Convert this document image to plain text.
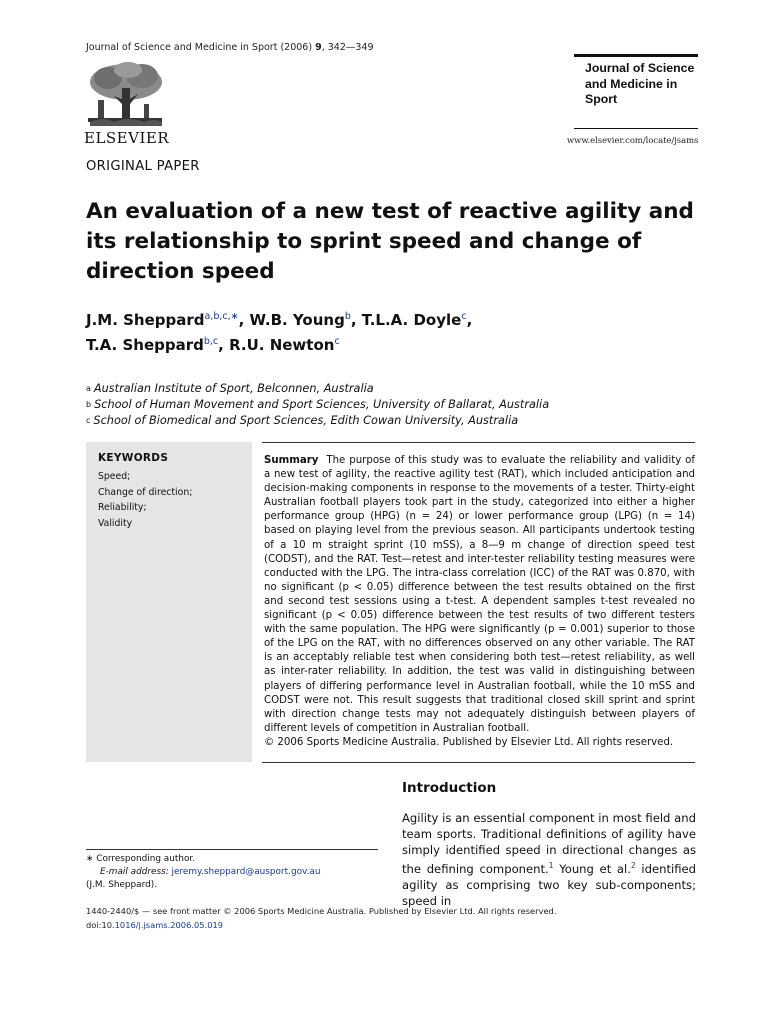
Journal of Science and Medicine in Sport (2006) 9, 342—349
ELSEVIER
Journal of Science and Medicine in Sport
www.elsevier.com/locate/jsams
ORIGINAL PAPER
An evaluation of a new test of reactive agility and its relationship to sprint speed and change of direction speed
J.M. Sheppard$^{a,b,c,∗}$, W.B. Young$^b$, T.L.A. Doyle$^c$,
T.A. Sheppard$^{b,c}$, R.U. Newton$^c$
$^a$ Australian Institute of Sport, Belconnen, Australia
$^b$ School of Human Movement and Sport Sciences, University of Ballarat, Australia
$^c$ School of Biomedical and Sport Sciences, Edith Cowan University, Australia
KEYWORDS
Speed;
Change of direction;
Reliability;
Validity
Summary The purpose of this study was to evaluate the reliability and validity of a new test of agility, the reactive agility test (RAT), which included anticipation and decision-making components in response to the movements of a tester. Thirty-eight Australian football players took part in the study, categorized into either a higher performance group (HPG) (n = 24) or lower performance group (LPG) (n = 14) based on playing level from the previous season. All participants undertook testing of a 10 m straight sprint (10 mSS), a 8—9 m change of direction speed test (CODST), and the RAT. Test—retest and inter-tester reliability testing measures were conducted with the LPG. The intra-class correlation (ICC) of the RAT was 0.870, with no significant (p < 0.05) difference between the test results obtained on the first and second test sessions using a t-test. A dependent samples t-test revealed no significant (p < 0.05) difference between the test results of two different testers with the same population. The HPG were significantly (p = 0.001) superior to those of the LPG on the RAT, with no differences observed on any other variable. The RAT is an acceptably reliable test when considering both test—retest reliability, as well as inter-rater reliability. In addition, the test was valid in distinguishing between players of differing performance level in Australian football, while the 10 mSS and CODST were not. This result suggests that traditional closed skill sprint and sprint with direction change tests may not adequately distinguish between players of different levels of competition in Australian football.
© 2006 Sports Medicine Australia. Published by Elsevier Ltd. All rights reserved.
Introduction
Agility is an essential component in most field and team sports. Traditional definitions of agility have simply identified speed in directional changes as the defining component.$^1$ Young et al.$^2$ identified agility as comprising two key sub-components; speed in
∗ Corresponding author.
E-mail address: jeremy.sheppard@ausport.gov.au
(J.M. Sheppard).
1440-2440/$ — see front matter © 2006 Sports Medicine Australia. Published by Elsevier Ltd. All rights reserved.
doi:10.1016/j.jsams.2006.05.019
